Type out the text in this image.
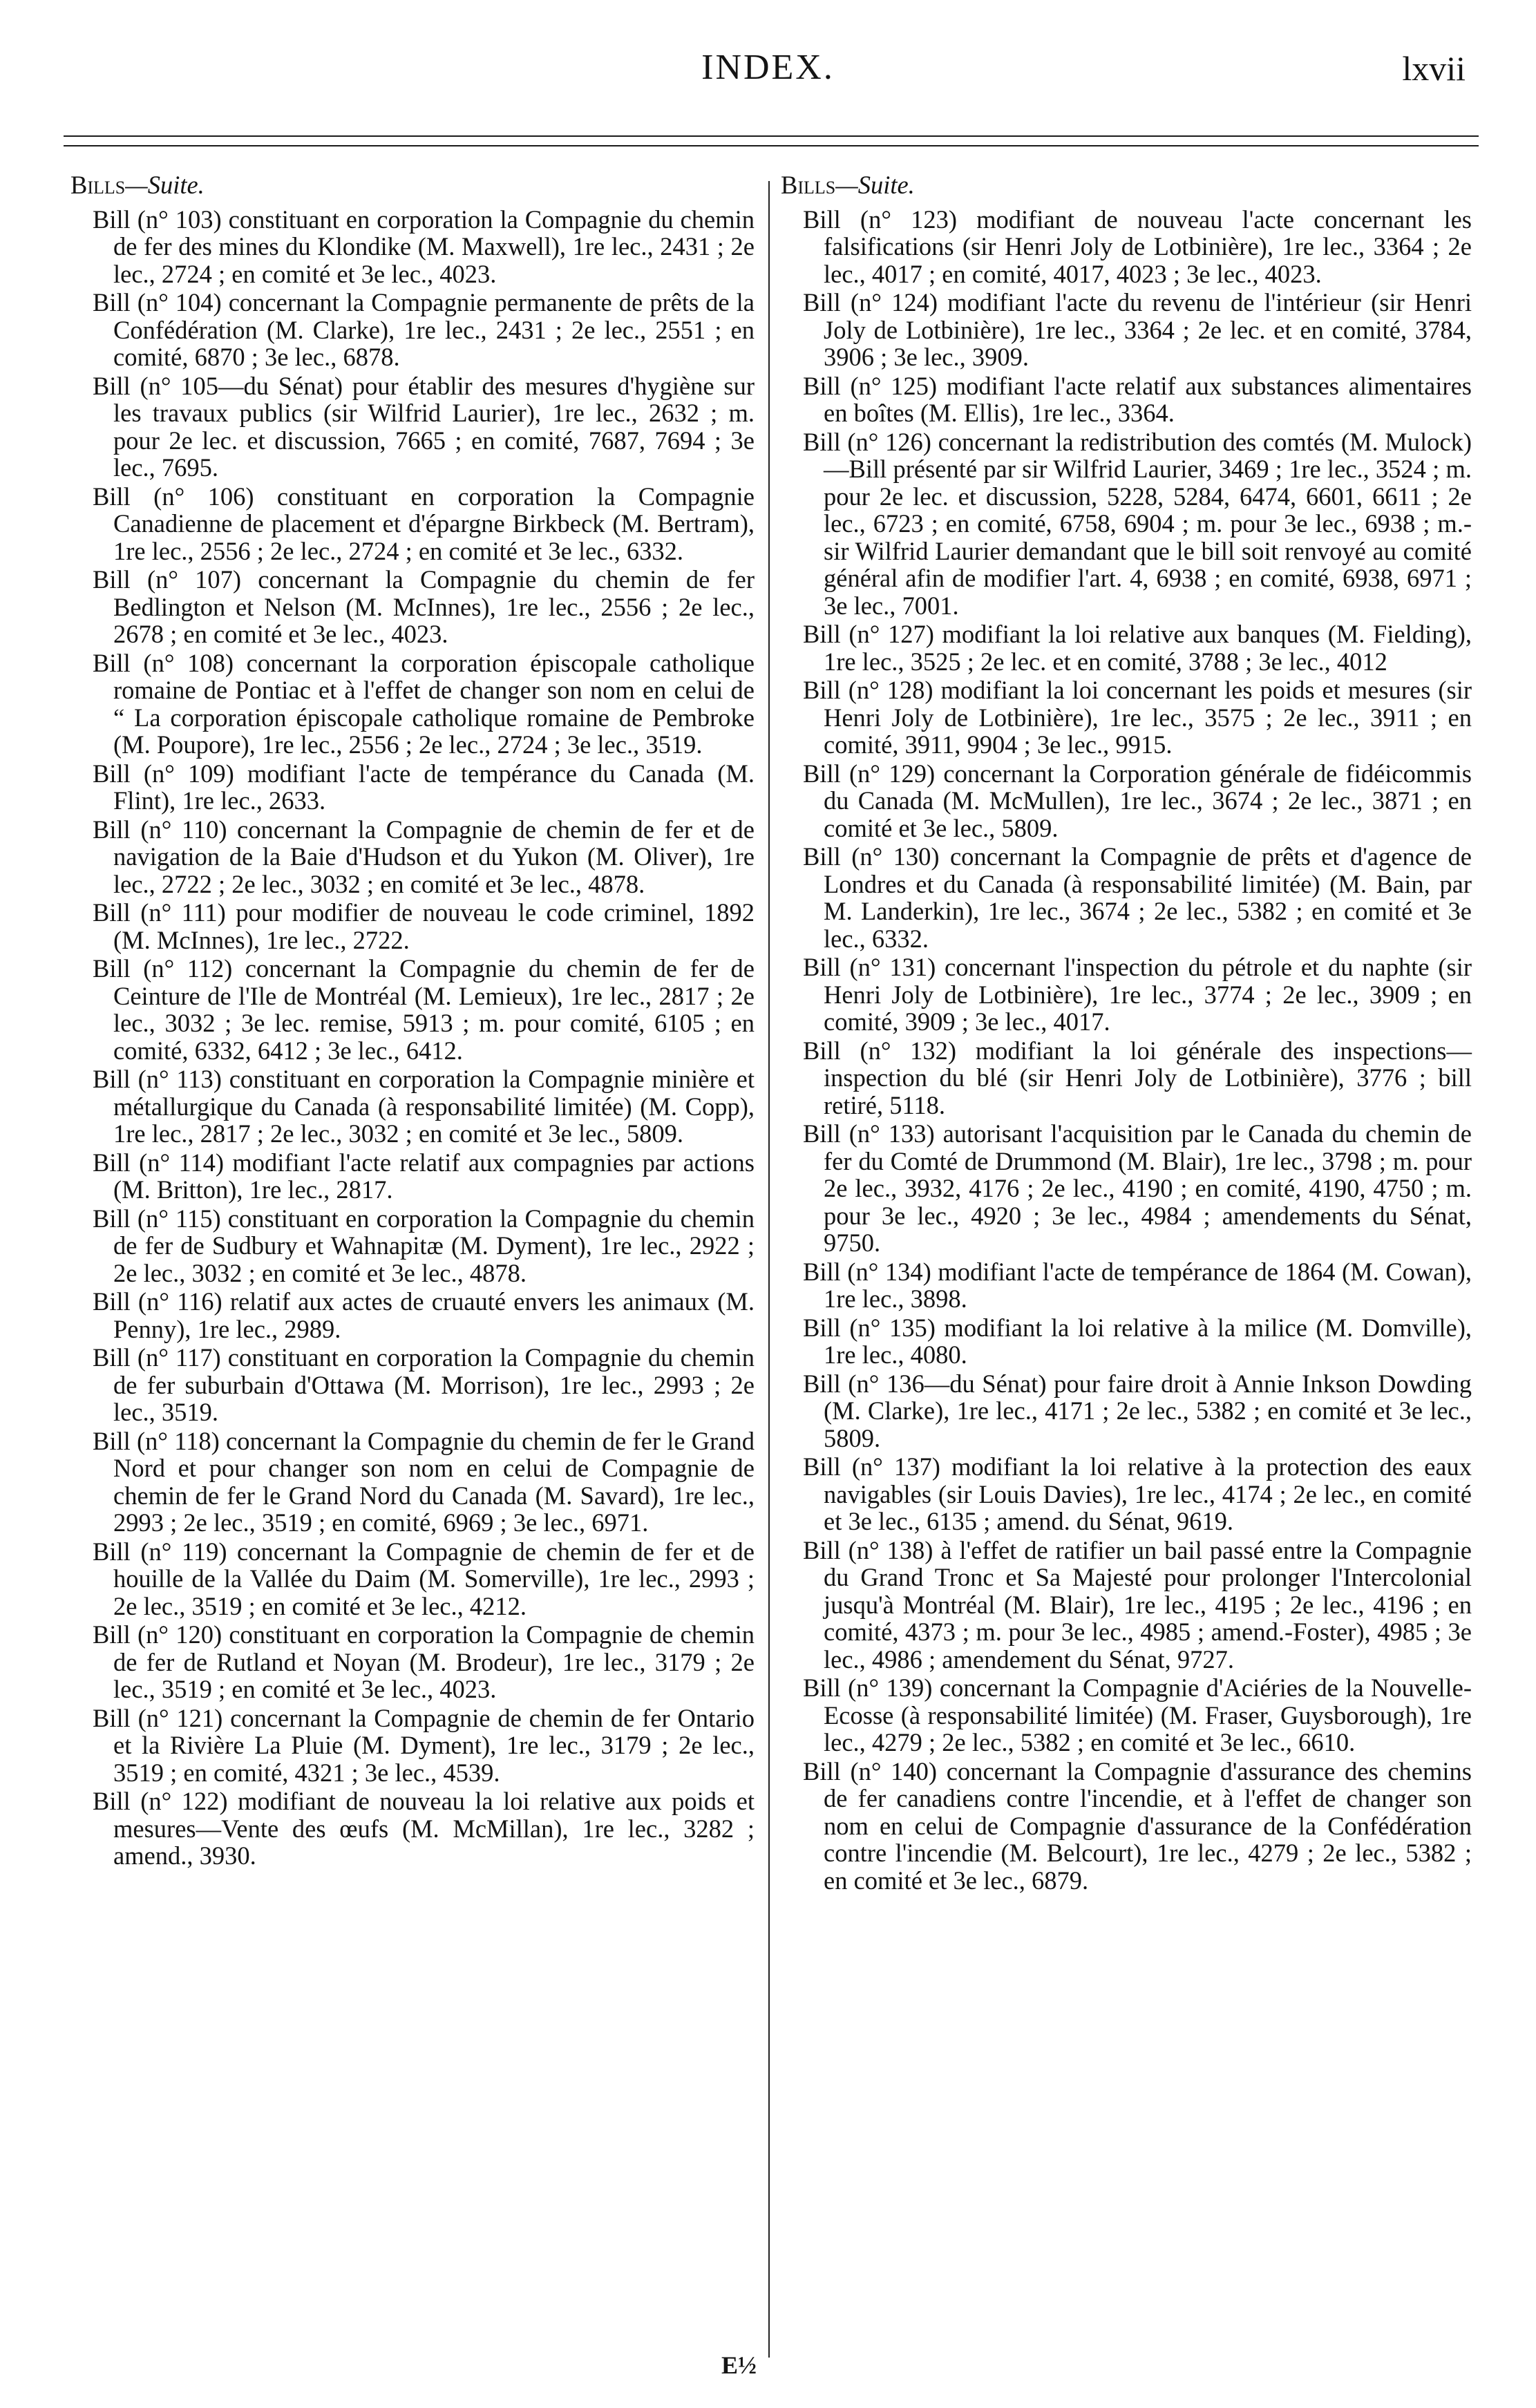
INDEX.	lxvii
Bills—Suite.
Bill (n° 103) constituant en corporation la Compagnie du chemin de fer des mines du Klondike (M. Maxwell), 1re lec., 2431 ; 2e lec., 2724 ; en comité et 3e lec., 4023.
Bill (n° 104) concernant la Compagnie permanente de prêts de la Confédération (M. Clarke), 1re lec., 2431 ; 2e lec., 2551 ; en comité, 6870 ; 3e lec., 6878.
Bill (n° 105—du Sénat) pour établir des mesures d'hygiène sur les travaux publics (sir Wilfrid Laurier), 1re lec., 2632 ; m. pour 2e lec. et discussion, 7665 ; en comité, 7687, 7694 ; 3e lec., 7695.
Bill (n° 106) constituant en corporation la Compagnie Canadienne de placement et d'épargne Birkbeck (M. Bertram), 1re lec., 2556 ; 2e lec., 2724 ; en comité et 3e lec., 6332.
Bill (n° 107) concernant la Compagnie du chemin de fer Bedlington et Nelson (M. McInnes), 1re lec., 2556 ; 2e lec., 2678 ; en comité et 3e lec., 4023.
Bill (n° 108) concernant la corporation épiscopale catholique romaine de Pontiac et à l'effet de changer son nom en celui de “ La corporation épiscopale catholique romaine de Pembroke (M. Poupore), 1re lec., 2556 ; 2e lec., 2724 ; 3e lec., 3519.
Bill (n° 109) modifiant l'acte de tempérance du Canada (M. Flint), 1re lec., 2633.
Bill (n° 110) concernant la Compagnie de chemin de fer et de navigation de la Baie d'Hudson et du Yukon (M. Oliver), 1re lec., 2722 ; 2e lec., 3032 ; en comité et 3e lec., 4878.
Bill (n° 111) pour modifier de nouveau le code criminel, 1892 (M. McInnes), 1re lec., 2722.
Bill (n° 112) concernant la Compagnie du chemin de fer de Ceinture de l'Ile de Montréal (M. Lemieux), 1re lec., 2817 ; 2e lec., 3032 ; 3e lec. remise, 5913 ; m. pour comité, 6105 ; en comité, 6332, 6412 ; 3e lec., 6412.
Bill (n° 113) constituant en corporation la Compagnie minière et métallurgique du Canada (à responsabilité limitée) (M. Copp), 1re lec., 2817 ; 2e lec., 3032 ; en comité et 3e lec., 5809.
Bill (n° 114) modifiant l'acte relatif aux compagnies par actions (M. Britton), 1re lec., 2817.
Bill (n° 115) constituant en corporation la Compagnie du chemin de fer de Sudbury et Wahnapitæ (M. Dyment), 1re lec., 2922 ; 2e lec., 3032 ; en comité et 3e lec., 4878.
Bill (n° 116) relatif aux actes de cruauté envers les animaux (M. Penny), 1re lec., 2989.
Bill (n° 117) constituant en corporation la Compagnie du chemin de fer suburbain d'Ottawa (M. Morrison), 1re lec., 2993 ; 2e lec., 3519.
Bill (n° 118) concernant la Compagnie du chemin de fer le Grand Nord et pour changer son nom en celui de Compagnie de chemin de fer le Grand Nord du Canada (M. Savard), 1re lec., 2993 ; 2e lec., 3519 ; en comité, 6969 ; 3e lec., 6971.
Bill (n° 119) concernant la Compagnie de chemin de fer et de houille de la Vallée du Daim (M. Somerville), 1re lec., 2993 ; 2e lec., 3519 ; en comité et 3e lec., 4212.
Bill (n° 120) constituant en corporation la Compagnie de chemin de fer de Rutland et Noyan (M. Brodeur), 1re lec., 3179 ; 2e lec., 3519 ; en comité et 3e lec., 4023.
Bill (n° 121) concernant la Compagnie de chemin de fer Ontario et la Rivière La Pluie (M. Dyment), 1re lec., 3179 ; 2e lec., 3519 ; en comité, 4321 ; 3e lec., 4539.
Bill (n° 122) modifiant de nouveau la loi relative aux poids et mesures—Vente des œufs (M. McMillan), 1re lec., 3282 ; amend., 3930.
Bills—Suite.
Bill (n° 123) modifiant de nouveau l'acte concernant les falsifications (sir Henri Joly de Lotbinière), 1re lec., 3364 ; 2e lec., 4017 ; en comité, 4017, 4023 ; 3e lec., 4023.
Bill (n° 124) modifiant l'acte du revenu de l'intérieur (sir Henri Joly de Lotbinière), 1re lec., 3364 ; 2e lec. et en comité, 3784, 3906 ; 3e lec., 3909.
Bill (n° 125) modifiant l'acte relatif aux substances alimentaires en boîtes (M. Ellis), 1re lec., 3364.
Bill (n° 126) concernant la redistribution des comtés (M. Mulock)—Bill présenté par sir Wilfrid Laurier, 3469 ; 1re lec., 3524 ; m. pour 2e lec. et discussion, 5228, 5284, 6474, 6601, 6611 ; 2e lec., 6723 ; en comité, 6758, 6904 ; m. pour 3e lec., 6938 ; m.-sir Wilfrid Laurier demandant que le bill soit renvoyé au comité général afin de modifier l'art. 4, 6938 ; en comité, 6938, 6971 ; 3e lec., 7001.
Bill (n° 127) modifiant la loi relative aux banques (M. Fielding), 1re lec., 3525 ; 2e lec. et en comité, 3788 ; 3e lec., 4012
Bill (n° 128) modifiant la loi concernant les poids et mesures (sir Henri Joly de Lotbinière), 1re lec., 3575 ; 2e lec., 3911 ; en comité, 3911, 9904 ; 3e lec., 9915.
Bill (n° 129) concernant la Corporation générale de fidéicommis du Canada (M. McMullen), 1re lec., 3674 ; 2e lec., 3871 ; en comité et 3e lec., 5809.
Bill (n° 130) concernant la Compagnie de prêts et d'agence de Londres et du Canada (à responsabilité limitée) (M. Bain, par M. Landerkin), 1re lec., 3674 ; 2e lec., 5382 ; en comité et 3e lec., 6332.
Bill (n° 131) concernant l'inspection du pétrole et du naphte (sir Henri Joly de Lotbinière), 1re lec., 3774 ; 2e lec., 3909 ; en comité, 3909 ; 3e lec., 4017.
Bill (n° 132) modifiant la loi générale des inspections—inspection du blé (sir Henri Joly de Lotbinière), 3776 ; bill retiré, 5118.
Bill (n° 133) autorisant l'acquisition par le Canada du chemin de fer du Comté de Drummond (M. Blair), 1re lec., 3798 ; m. pour 2e lec., 3932, 4176 ; 2e lec., 4190 ; en comité, 4190, 4750 ; m. pour 3e lec., 4920 ; 3e lec., 4984 ; amendements du Sénat, 9750.
Bill (n° 134) modifiant l'acte de tempérance de 1864 (M. Cowan), 1re lec., 3898.
Bill (n° 135) modifiant la loi relative à la milice (M. Domville), 1re lec., 4080.
Bill (n° 136—du Sénat) pour faire droit à Annie Inkson Dowding (M. Clarke), 1re lec., 4171 ; 2e lec., 5382 ; en comité et 3e lec., 5809.
Bill (n° 137) modifiant la loi relative à la protection des eaux navigables (sir Louis Davies), 1re lec., 4174 ; 2e lec., en comité et 3e lec., 6135 ; amend. du Sénat, 9619.
Bill (n° 138) à l'effet de ratifier un bail passé entre la Compagnie du Grand Tronc et Sa Majesté pour prolonger l'Intercolonial jusqu'à Montréal (M. Blair), 1re lec., 4195 ; 2e lec., 4196 ; en comité, 4373 ; m. pour 3e lec., 4985 ; amend.-Foster), 4985 ; 3e lec., 4986 ; amendement du Sénat, 9727.
Bill (n° 139) concernant la Compagnie d'Aciéries de la Nouvelle-Ecosse (à responsabilité limitée) (M. Fraser, Guysborough), 1re lec., 4279 ; 2e lec., 5382 ; en comité et 3e lec., 6610.
Bill (n° 140) concernant la Compagnie d'assurance des chemins de fer canadiens contre l'incendie, et à l'effet de changer son nom en celui de Compagnie d'assurance de la Confédération contre l'incendie (M. Belcourt), 1re lec., 4279 ; 2e lec., 5382 ; en comité et 3e lec., 6879.
E½
